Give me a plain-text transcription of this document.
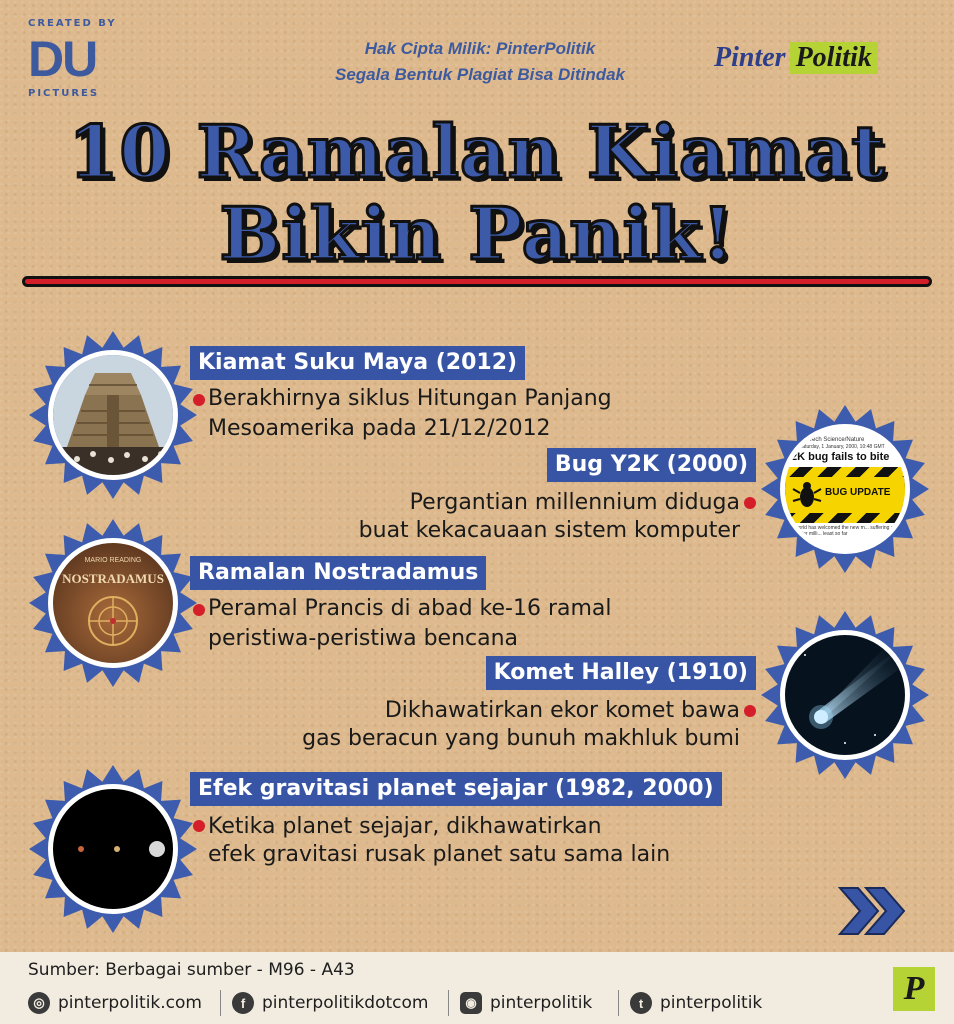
CREATED BY
DU
PICTURES
Hak Cipta Milik: PinterPolitik
Segala Bentuk Plagiat Bisa Ditindak
Pinter Politik
10 Ramalan Kiamat
Bikin Panik!
Sci/Tech Science/Nature
Saturday, 1 January, 2000, 10:48 GMT
2K bug fails to bite
BUG UPDATE
world has welcomed the new m... suffering any major milli... least so far
MARIO READING
NOSTRADAMUS
Kiamat Suku Maya (2012)
Berakhirnya siklus Hitungan Panjang
Mesoamerika pada 21/12/2012
Bug Y2K (2000)
Pergantian millennium diduga
buat kekacauaan sistem komputer
Ramalan Nostradamus
Peramal Prancis di abad ke-16 ramal
peristiwa-peristiwa bencana
Komet Halley (1910)
Dikhawatirkan ekor komet bawa
gas beracun yang bunuh makhluk bumi
Efek gravitasi planet sejajar (1982, 2000)
Ketika planet sejajar, dikhawatirkan
efek gravitasi rusak planet satu sama lain
Sumber: Berbagai sumber - M96 - A43
◎ pinterpolitik.com	f pinterpolitikdotcom	◉ pinterpolitik	t pinterpolitik	P
